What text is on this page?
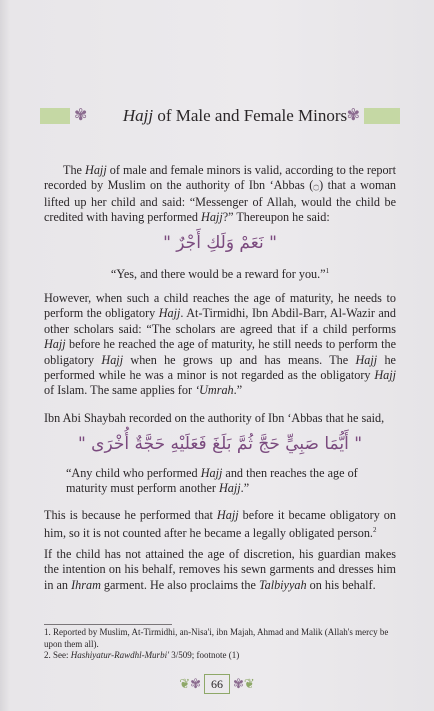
✾	Hajj of Male and Female Minors ✾
The Hajj of male and female minors is valid, according to the report recorded by Muslim on the authority of Ibn ‘Abbas (۝) that a woman lifted up her child and said: “Messenger of Allah, would the child be credited with having performed Hajj?” Thereupon he said:
" نَعَمْ وَلَكِ أَجْرٌ "
“Yes, and there would be a reward for you.”$^1$
However, when such a child reaches the age of maturity, he needs to perform the obligatory Hajj. At-Tirmidhi, Ibn Abdil-Barr, Al-Wazir and other scholars said: “The scholars are agreed that if a child performs Hajj before he reached the age of maturity, he still needs to perform the obligatory Hajj when he grows up and has means. The Hajj he performed while he was a minor is not regarded as the obligatory Hajj of Islam. The same applies for ‘Umrah.”
Ibn Abi Shaybah recorded on the authority of Ibn ‘Abbas that he said,
" أَيُّمَا صَبِيٍّ حَجَّ ثُمَّ بَلَغَ فَعَلَيْهِ حَجَّةٌ أُخْرَى "
“Any child who performed Hajj and then reaches the age of maturity must perform another Hajj.”
This is because he performed that Hajj before it became obligatory on him, so it is not counted after he became a legally obligated person.$^2$
If the child has not attained the age of discretion, his guardian makes the intention on his behalf, removes his sewn garments and dresses him in an Ihram garment. He also proclaims the Talbiyyah on his behalf.
1. Reported by Muslim, At-Tirmidhi, an-Nisa'i, ibn Majah, Ahmad and Malik (Allah's mercy be upon them all).
2. See: Hashiyatur-Rawdhl-Murbi' 3/509; footnote (1)
❦✾ 66 ✾❦
